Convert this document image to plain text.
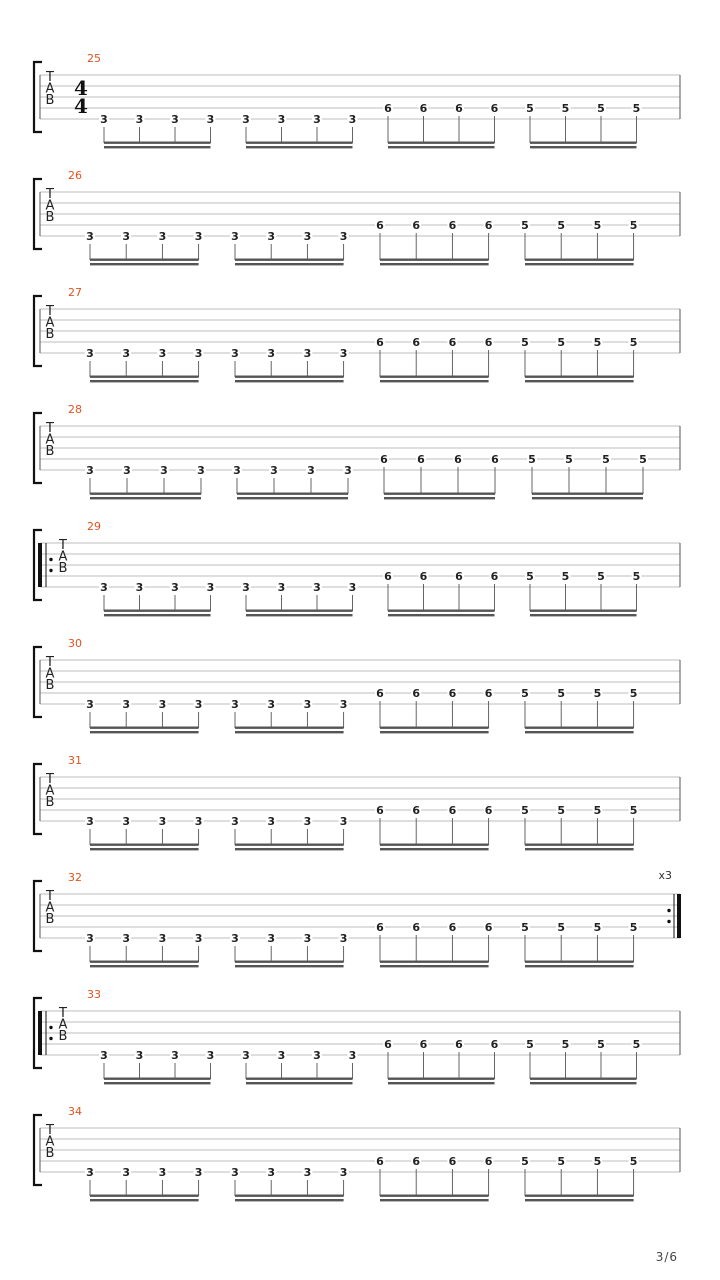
25
T
A
B
4
4
3	3	3	3	3	3	3	3
6	6	6	6	5	5	5	5
26
T
A
B
3	3	3	3	3	3	3	3
6	6	6	6	5	5	5	5
27
T
A
B
3	3	3	3	3	3	3	3
6	6	6	6	5	5	5	5
28
T
A
B
3	3	3	3	3	3	3	3
6	6	6	6	5	5	5	5
29
T
A
B
3	3	3	3	3	3	3	3
6	6	6	6	5	5	5	5
30
T
A
B
3	3	3	3	3	3	3	3
6	6	6	6	5	5	5	5
31
T
A
B
3	3	3	3	3	3	3	3
6	6	6	6	5	5	5	5
32
T
A
B
3	3	3	3	3	3	3	3
6	6	6	6	5	5	5	5
x3
33
T
A
B
3	3	3	3	3	3	3	3
6	6	6	6	5	5	5	5
34
T
A
B
3	3	3	3	3	3	3	3
6	6	6	6	5	5	5	5
3/6
